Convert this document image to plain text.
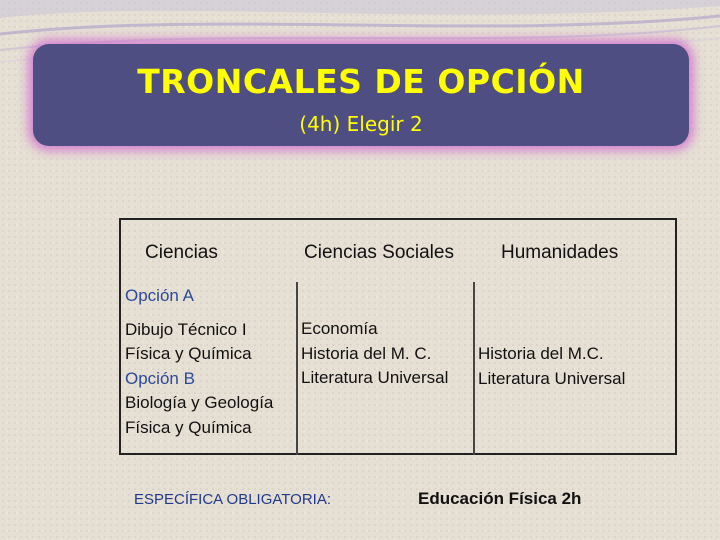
TRONCALES DE OPCIÓN
(4h) Elegir 2
Ciencias	Ciencias Sociales Humanidades
Opción A
Dibujo Técnico I
Física y Química
Opción B
Biología y Geología
Física y Química
Economía
Historia del M. C.
Literatura Universal
Historia del M.C.
Literatura Universal
ESPECÍFICA OBLIGATORIA:	Educación Física 2h
